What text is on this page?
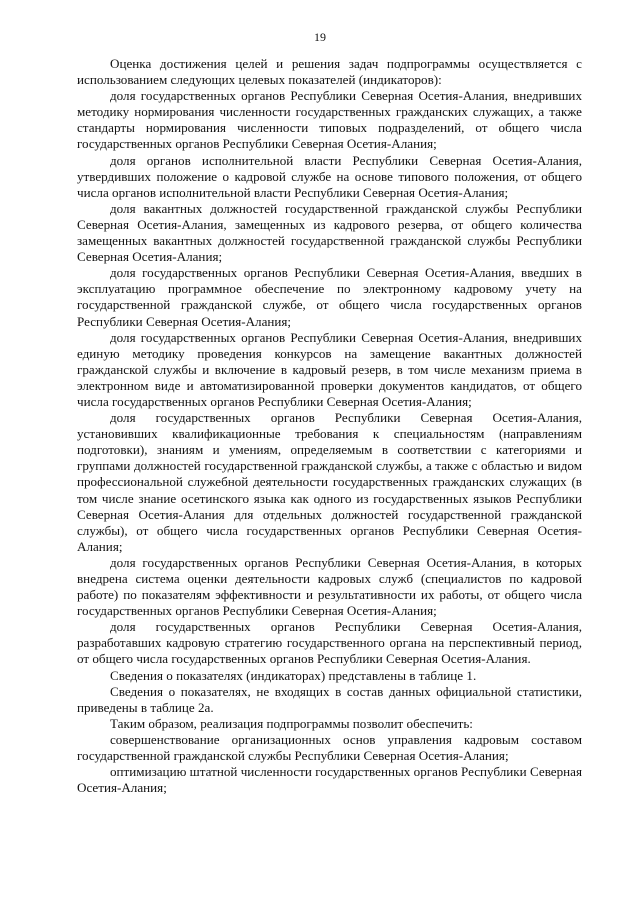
19

Оценка достижения целей и решения задач подпрограммы осуществляется с использованием следующих целевых показателей (индикаторов):

доля государственных органов Республики Северная Осетия-Алания, внедривших методику нормирования численности государственных гражданских служащих, а также стандарты нормирования численности типовых подразделений, от общего числа государственных органов Республики Северная Осетия-Алания;

доля органов исполнительной власти Республики Северная Осетия-Алания, утвердивших положение о кадровой службе на основе типового положения, от общего числа органов исполнительной власти Республики Северная Осетия-Алания;

доля вакантных должностей государственной гражданской службы Республики Северная Осетия-Алания, замещенных из кадрового резерва, от общего количества замещенных вакантных должностей государственной гражданской службы Республики Северная Осетия-Алания;

доля государственных органов Республики Северная Осетия-Алания, введших в эксплуатацию программное обеспечение по электронному кадровому учету на государственной гражданской службе, от общего числа государственных органов Республики Северная Осетия-Алания;

доля государственных органов Республики Северная Осетия-Алания, внедривших единую методику проведения конкурсов на замещение вакантных должностей гражданской службы и включение в кадровый резерв, в том числе механизм приема в электронном виде и автоматизированной проверки документов кандидатов, от общего числа государственных органов Республики Северная Осетия-Алания;

доля государственных органов Республики Северная Осетия-Алания, установивших квалификационные требования к специальностям (направлениям подготовки), знаниям и умениям, определяемым в соответствии с категориями и группами должностей государственной гражданской службы, а также с областью и видом профессиональной служебной деятельности государственных гражданских служащих (в том числе знание осетинского языка как одного из государственных языков Республики Северная Осетия-Алания для отдельных должностей государственной гражданской службы), от общего числа государственных органов Республики Северная Осетия-Алания;

доля государственных органов Республики Северная Осетия-Алания, в которых внедрена система оценки деятельности кадровых служб (специалистов по кадровой работе) по показателям эффективности и результативности их работы, от общего числа государственных органов Республики Северная Осетия-Алания;

доля государственных органов Республики Северная Осетия-Алания, разработавших кадровую стратегию государственного органа на перспективный период, от общего числа государственных органов Республики Северная Осетия-Алания.

Сведения о показателях (индикаторах) представлены в таблице 1.

Сведения о показателях, не входящих в состав данных официальной статистики, приведены в таблице 2а.

Таким образом, реализация подпрограммы позволит обеспечить:

совершенствование организационных основ управления кадровым составом государственной гражданской службы Республики Северная Осетия-Алания;

оптимизацию штатной численности государственных органов Республики Северная Осетия-Алания;
